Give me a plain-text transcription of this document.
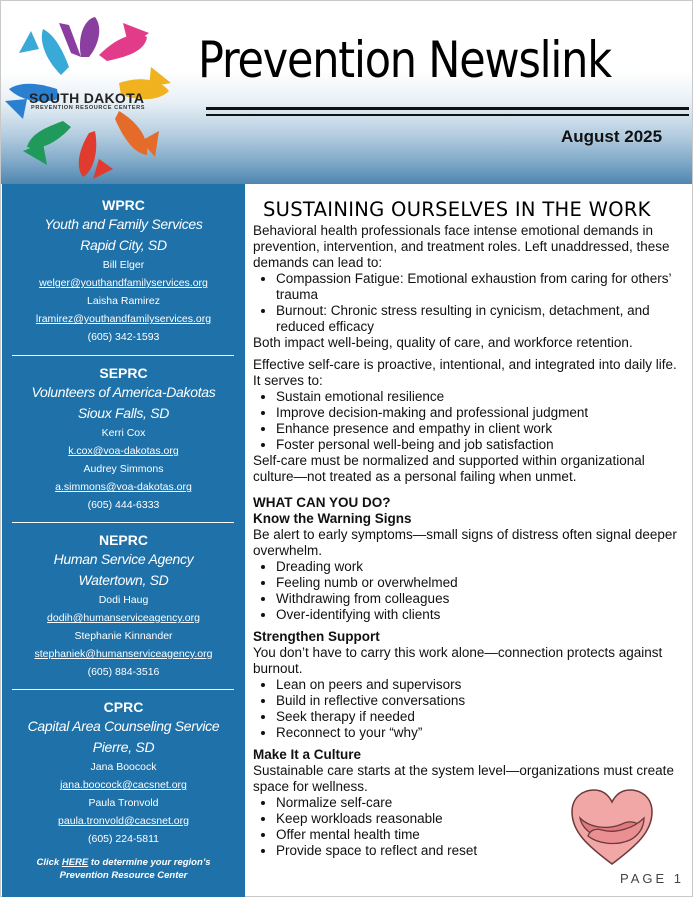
SOUTH DAKOTA
PREVENTION RESOURCE CENTERS
Prevention Newslink
August 2025
WPRC
Youth and Family Services
Rapid City, SD
Bill Elger
welger@youthandfamilyservices.org
Laisha Ramirez
lramirez@youthandfamilyservices.org
(605) 342-1593
SEPRC
Volunteers of America-Dakotas
Sioux Falls, SD
Kerri Cox
k.cox@voa-dakotas.org
Audrey Simmons
a.simmons@voa-dakotas.org
(605) 444-6333
NEPRC
Human Service Agency
Watertown, SD
Dodi Haug
dodih@humanserviceagency.org
Stephanie Kinnander
stephaniek@humanserviceagency.org
(605) 884-3516
CPRC
Capital Area Counseling Service
Pierre, SD
Jana Boocock
jana.boocock@cacsnet.org
Paula Tronvold
paula.tronvold@cacsnet.org
(605) 224-5811
Click HERE to determine your region’s Prevention Resource Center
SUSTAINING OURSELVES IN THE WORK

Behavioral health professionals face intense emotional demands in prevention, intervention, and treatment roles. Left unaddressed, these demands can lead to:

• Compassion Fatigue: Emotional exhaustion from caring for others’ trauma
• Burnout: Chronic stress resulting in cynicism, detachment, and reduced efficacy

Both impact well-being, quality of care, and workforce retention.

Effective self-care is proactive, intentional, and integrated into daily life. It serves to:

• Sustain emotional resilience
• Improve decision-making and professional judgment
• Enhance presence and empathy in client work
• Foster personal well-being and job satisfaction

Self-care must be normalized and supported within organizational culture—not treated as a personal failing when unmet.

WHAT CAN YOU DO?
Know the Warning Signs

Be alert to early symptoms—small signs of distress often signal deeper overwhelm.

• Dreading work
• Feeling numb or overwhelmed
• Withdrawing from colleagues
• Over-identifying with clients
Strengthen Support

You don’t have to carry this work alone—connection protects against burnout.

• Lean on peers and supervisors
• Build in reflective conversations
• Seek therapy if needed
• Reconnect to your “why”
Make It a Culture

Sustainable care starts at the system level—organizations must create space for wellness.

• Normalize self-care
• Keep workloads reasonable
• Offer mental health time
• Provide space to reflect and reset
PAGE 1
